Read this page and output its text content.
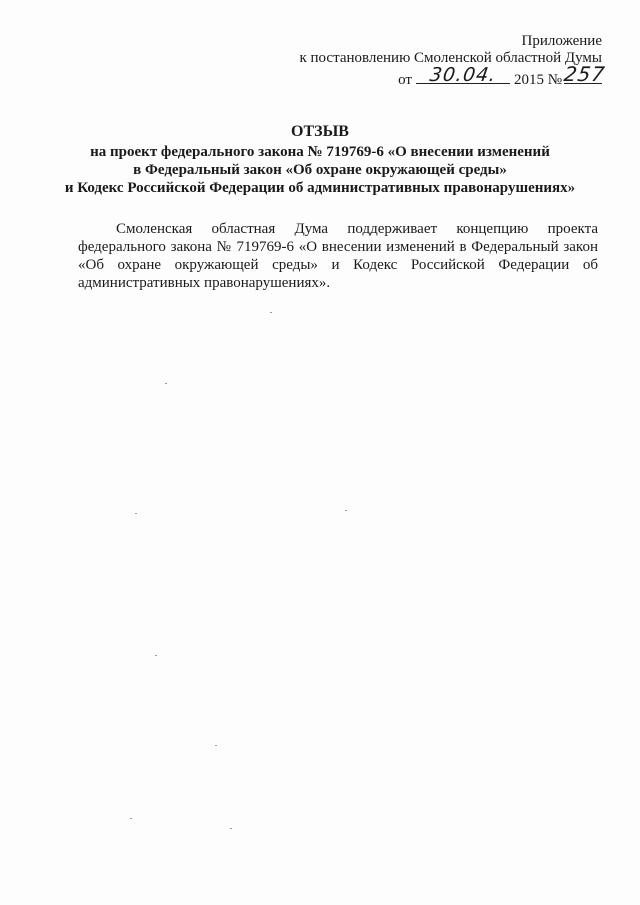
Приложение
к постановлению Смоленской областной Думы
от 30.04.	2015 № 257
ОТЗЫВ
на проект федерального закона № 719769-6 «О внесении изменений
в Федеральный закон «Об охране окружающей среды»
и Кодекс Российской Федерации об административных правонарушениях»
Смоленская областная Дума поддерживает концепцию проекта федерального закона № 719769-6 «О внесении изменений в Федеральный закон «Об охране окружающей среды» и Кодекс Российской Федерации об административных правонарушениях».
